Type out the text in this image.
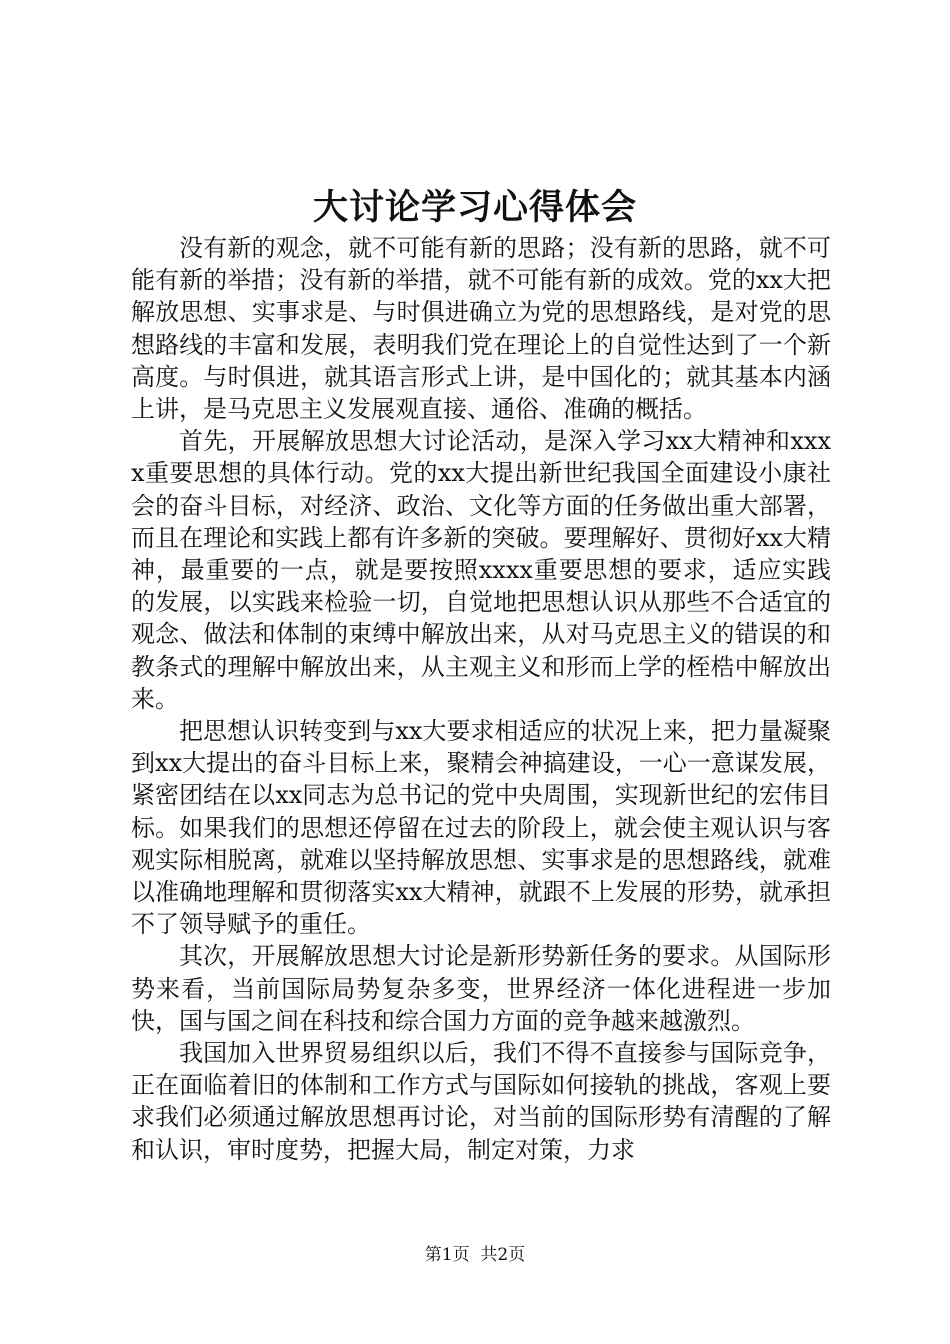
大讨论学习心得体会

没有新的观念，就不可能有新的思路；没有新的思路，就不可能有新的举措；没有新的举措，就不可能有新的成效。党的xx大把解放思想、实事求是、与时俱进确立为党的思想路线，是对党的思想路线的丰富和发展，表明我们党在理论上的自觉性达到了一个新高度。与时俱进，就其语言形式上讲，是中国化的；就其基本内涵上讲，是马克思主义发展观直接、通俗、准确的概括。

首先，开展解放思想大讨论活动，是深入学习xx大精神和xxxx重要思想的具体行动。党的xx大提出新世纪我国全面建设小康社会的奋斗目标，对经济、政治、文化等方面的任务做出重大部署，而且在理论和实践上都有许多新的突破。要理解好、贯彻好xx大精神，最重要的一点，就是要按照xxxx重要思想的要求，适应实践的发展，以实践来检验一切，自觉地把思想认识从那些不合适宜的观念、做法和体制的束缚中解放出来，从对马克思主义的错误的和教条式的理解中解放出来，从主观主义和形而上学的桎梏中解放出来。

把思想认识转变到与xx大要求相适应的状况上来，把力量凝聚到xx大提出的奋斗目标上来，聚精会神搞建设，一心一意谋发展，紧密团结在以xx同志为总书记的党中央周围，实现新世纪的宏伟目标。如果我们的思想还停留在过去的阶段上，就会使主观认识与客观实际相脱离，就难以坚持解放思想、实事求是的思想路线，就难以准确地理解和贯彻落实xx大精神，就跟不上发展的形势，就承担不了领导赋予的重任。

其次，开展解放思想大讨论是新形势新任务的要求。从国际形势来看，当前国际局势复杂多变，世界经济一体化进程进一步加快，国与国之间在科技和综合国力方面的竞争越来越激烈。

我国加入世界贸易组织以后，我们不得不直接参与国际竞争，正在面临着旧的体制和工作方式与国际如何接轨的挑战，客观上要求我们必须通过解放思想再讨论，对当前的国际形势有清醒的了解和认识，审时度势，把握大局，制定对策，力求

第1页 共2页
